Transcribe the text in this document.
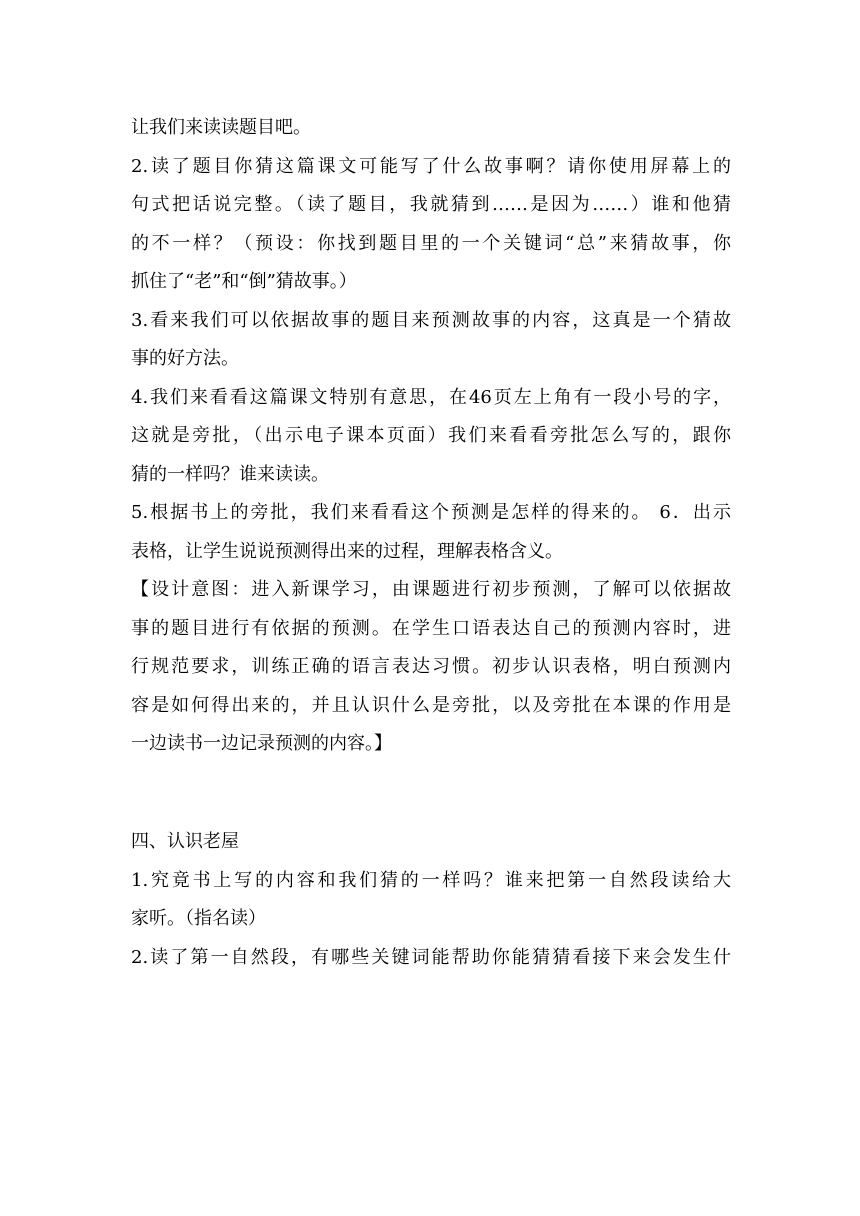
让我们来读读题目吧。
2.读了题目你猜这篇课文可能写了什么故事啊？请你使用屏幕上的
句式把话说完整。（读了题目，我就猜到……是因为……）谁和他猜
的不一样？（预设：你找到题目里的一个关键词“总”来猜故事，你
抓住了“老”和“倒”猜故事。）
3.看来我们可以依据故事的题目来预测故事的内容，这真是一个猜故
事的好方法。
4.我们来看看这篇课文特别有意思，在46页左上角有一段小号的字，
这就是旁批，（出示电子课本页面）我们来看看旁批怎么写的，跟你
猜的一样吗？谁来读读。
5.根据书上的旁批，我们来看看这个预测是怎样的得来的。 6．出示
表格，让学生说说预测得出来的过程，理解表格含义。
【设计意图：进入新课学习，由课题进行初步预测，了解可以依据故
事的题目进行有依据的预测。在学生口语表达自己的预测内容时，进
行规范要求，训练正确的语言表达习惯。初步认识表格，明白预测内
容是如何得出来的，并且认识什么是旁批，以及旁批在本课的作用是
一边读书一边记录预测的内容。】
四、认识老屋
1.究竟书上写的内容和我们猜的一样吗？谁来把第一自然段读给大
家听。（指名读）
2.读了第一自然段，有哪些关键词能帮助你能猜猜看接下来会发生什
